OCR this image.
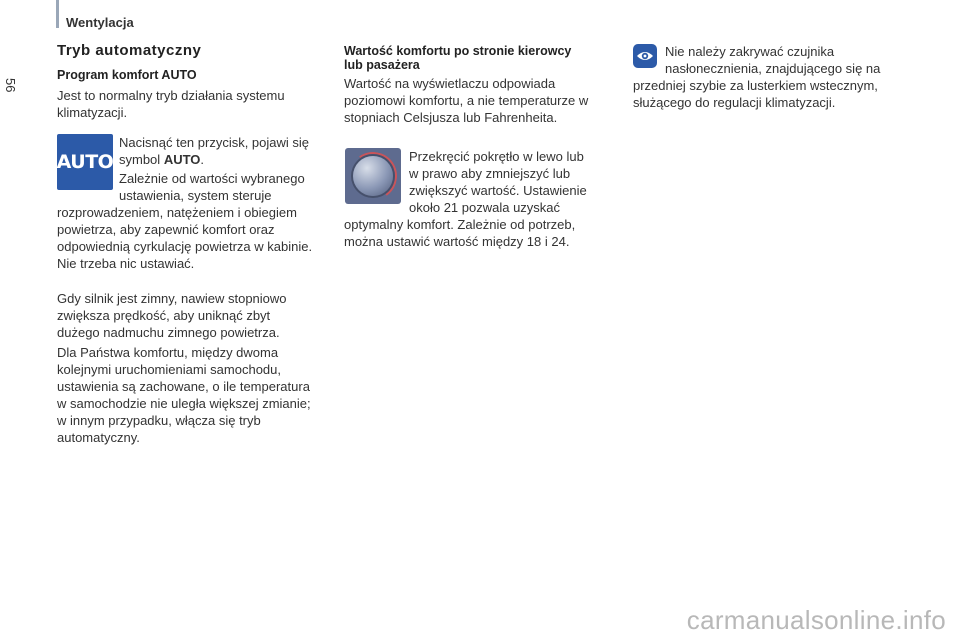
56
Wentylacja
Tryb automatyczny
Program komfort AUTO

Jest to normalny tryb działania systemu

klimatyzacji.

AUTO

Nacisnąć ten przycisk, pojawi się

symbol AUTO.

Zależnie od wartości wybranego

ustawienia, system steruje

rozprowadzeniem, natężeniem i obiegiem

powietrza, aby zapewnić komfort oraz

odpowiednią cyrkulację powietrza w kabinie.

Nie trzeba nic ustawiać.

Gdy silnik jest zimny, nawiew stopniowo

zwiększa prędkość, aby uniknąć zbyt

dużego nadmuchu zimnego powietrza.

Dla Państwa komfortu, między dwoma

kolejnymi uruchomieniami samochodu,

ustawienia są zachowane, o ile temperatura

w samochodzie nie uległa większej zmianie;

w innym przypadku, włącza się tryb

automatyczny.

Wartość komfortu po stronie kierowcy
lub pasażera

Wartość na wyświetlaczu odpowiada

poziomowi komfortu, a nie temperaturze w

stopniach Celsjusza lub Fahrenheita.

Przekręcić pokrętło w lewo lub

w prawo aby zmniejszyć lub

zwiększyć wartość. Ustawienie

około 21 pozwala uzyskać

optymalny komfort. Zależnie od potrzeb,

można ustawić wartość między 18 i 24.

Nie należy zakrywać czujnika

nasłonecznienia, znajdującego się na

przedniej szybie za lusterkiem wstecznym,

służącego do regulacji klimatyzacji.

carmanualsonline.info
